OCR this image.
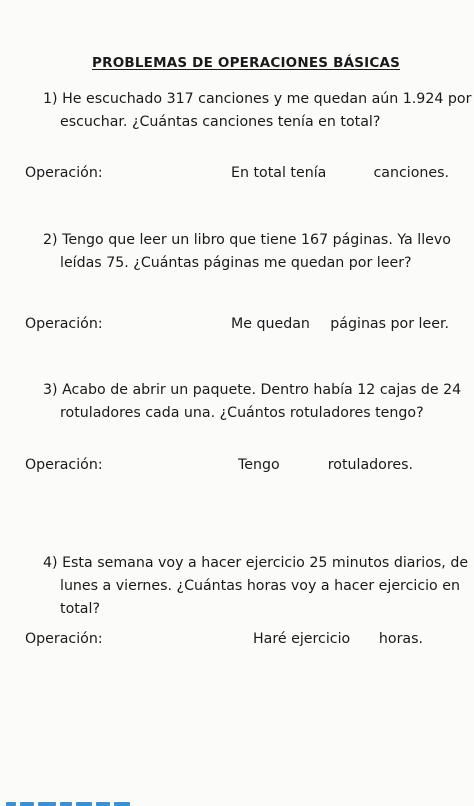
PROBLEMAS DE OPERACIONES BÁSICAS
1) He escuchado 317 canciones y me quedan aún 1.924 por
escuchar. ¿Cuántas canciones tenía en total?
Operación:	En total tenía	canciones.
2) Tengo que leer un libro que tiene 167 páginas. Ya llevo
leídas 75. ¿Cuántas páginas me quedan por leer?
Operación:	Me quedan páginas por leer.
3) Acabo de abrir un paquete. Dentro había 12 cajas de 24
rotuladores cada una. ¿Cuántos rotuladores tengo?
Operación:	Tengo	rotuladores.
4) Esta semana voy a hacer ejercicio 25 minutos diarios, de
lunes a viernes. ¿Cuántas horas voy a hacer ejercicio en
total?
Operación:	Haré ejercicio horas.
